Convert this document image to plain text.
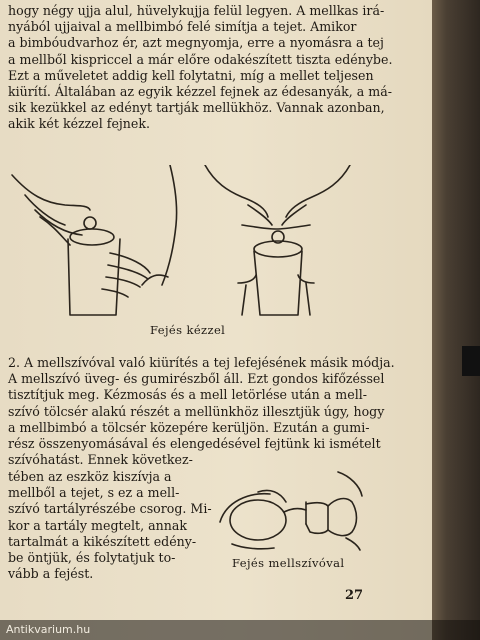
hogy négy ujja alul, hüvelykujja felül legyen. A mellkas irá-
nyából ujjaival a mellbimbó felé simítja a tejet. Amikor
a bimbóudvarhoz ér, azt megnyomja, erre a nyomásra a tej
a mellből kispriccel a már előre odakészített tiszta edénybe.
Ezt a műveletet addig kell folytatni, míg a mellet teljesen
kiürítí. Általában az egyik kézzel fejnek az édesanyák, a má-
sik kezükkel az edényt tartják mellükhöz. Vannak azonban,
akik két kézzel fejnek.
Fejés kézzel
2. A mellszívóval való kiürítés a tej lefejésének másik módja.
A mellszívó üveg- és gumirészből áll. Ezt gondos kifőzéssel
tisztítjuk meg. Kézmosás és a mell letörlése után a mell-
szívó tölcsér alakú részét a mellünkhöz illesztjük úgy, hogy
a mellbimbó a tölcsér közepére kerüljön. Ezután a gumi-
rész összenyomásával és elengedésével fejtünk ki ismételt
szívóhatást. Ennek következ-
tében az eszköz kiszívja a
mellből a tejet, s ez a mell-
szívó tartályrészébe csorog. Mi-
kor a tartály megtelt, annak
tartalmát a kikészített edény-
be öntjük, és folytatjuk to-
vább a fejést.
Fejés mellszívóval
27
Antikvarium.hu
